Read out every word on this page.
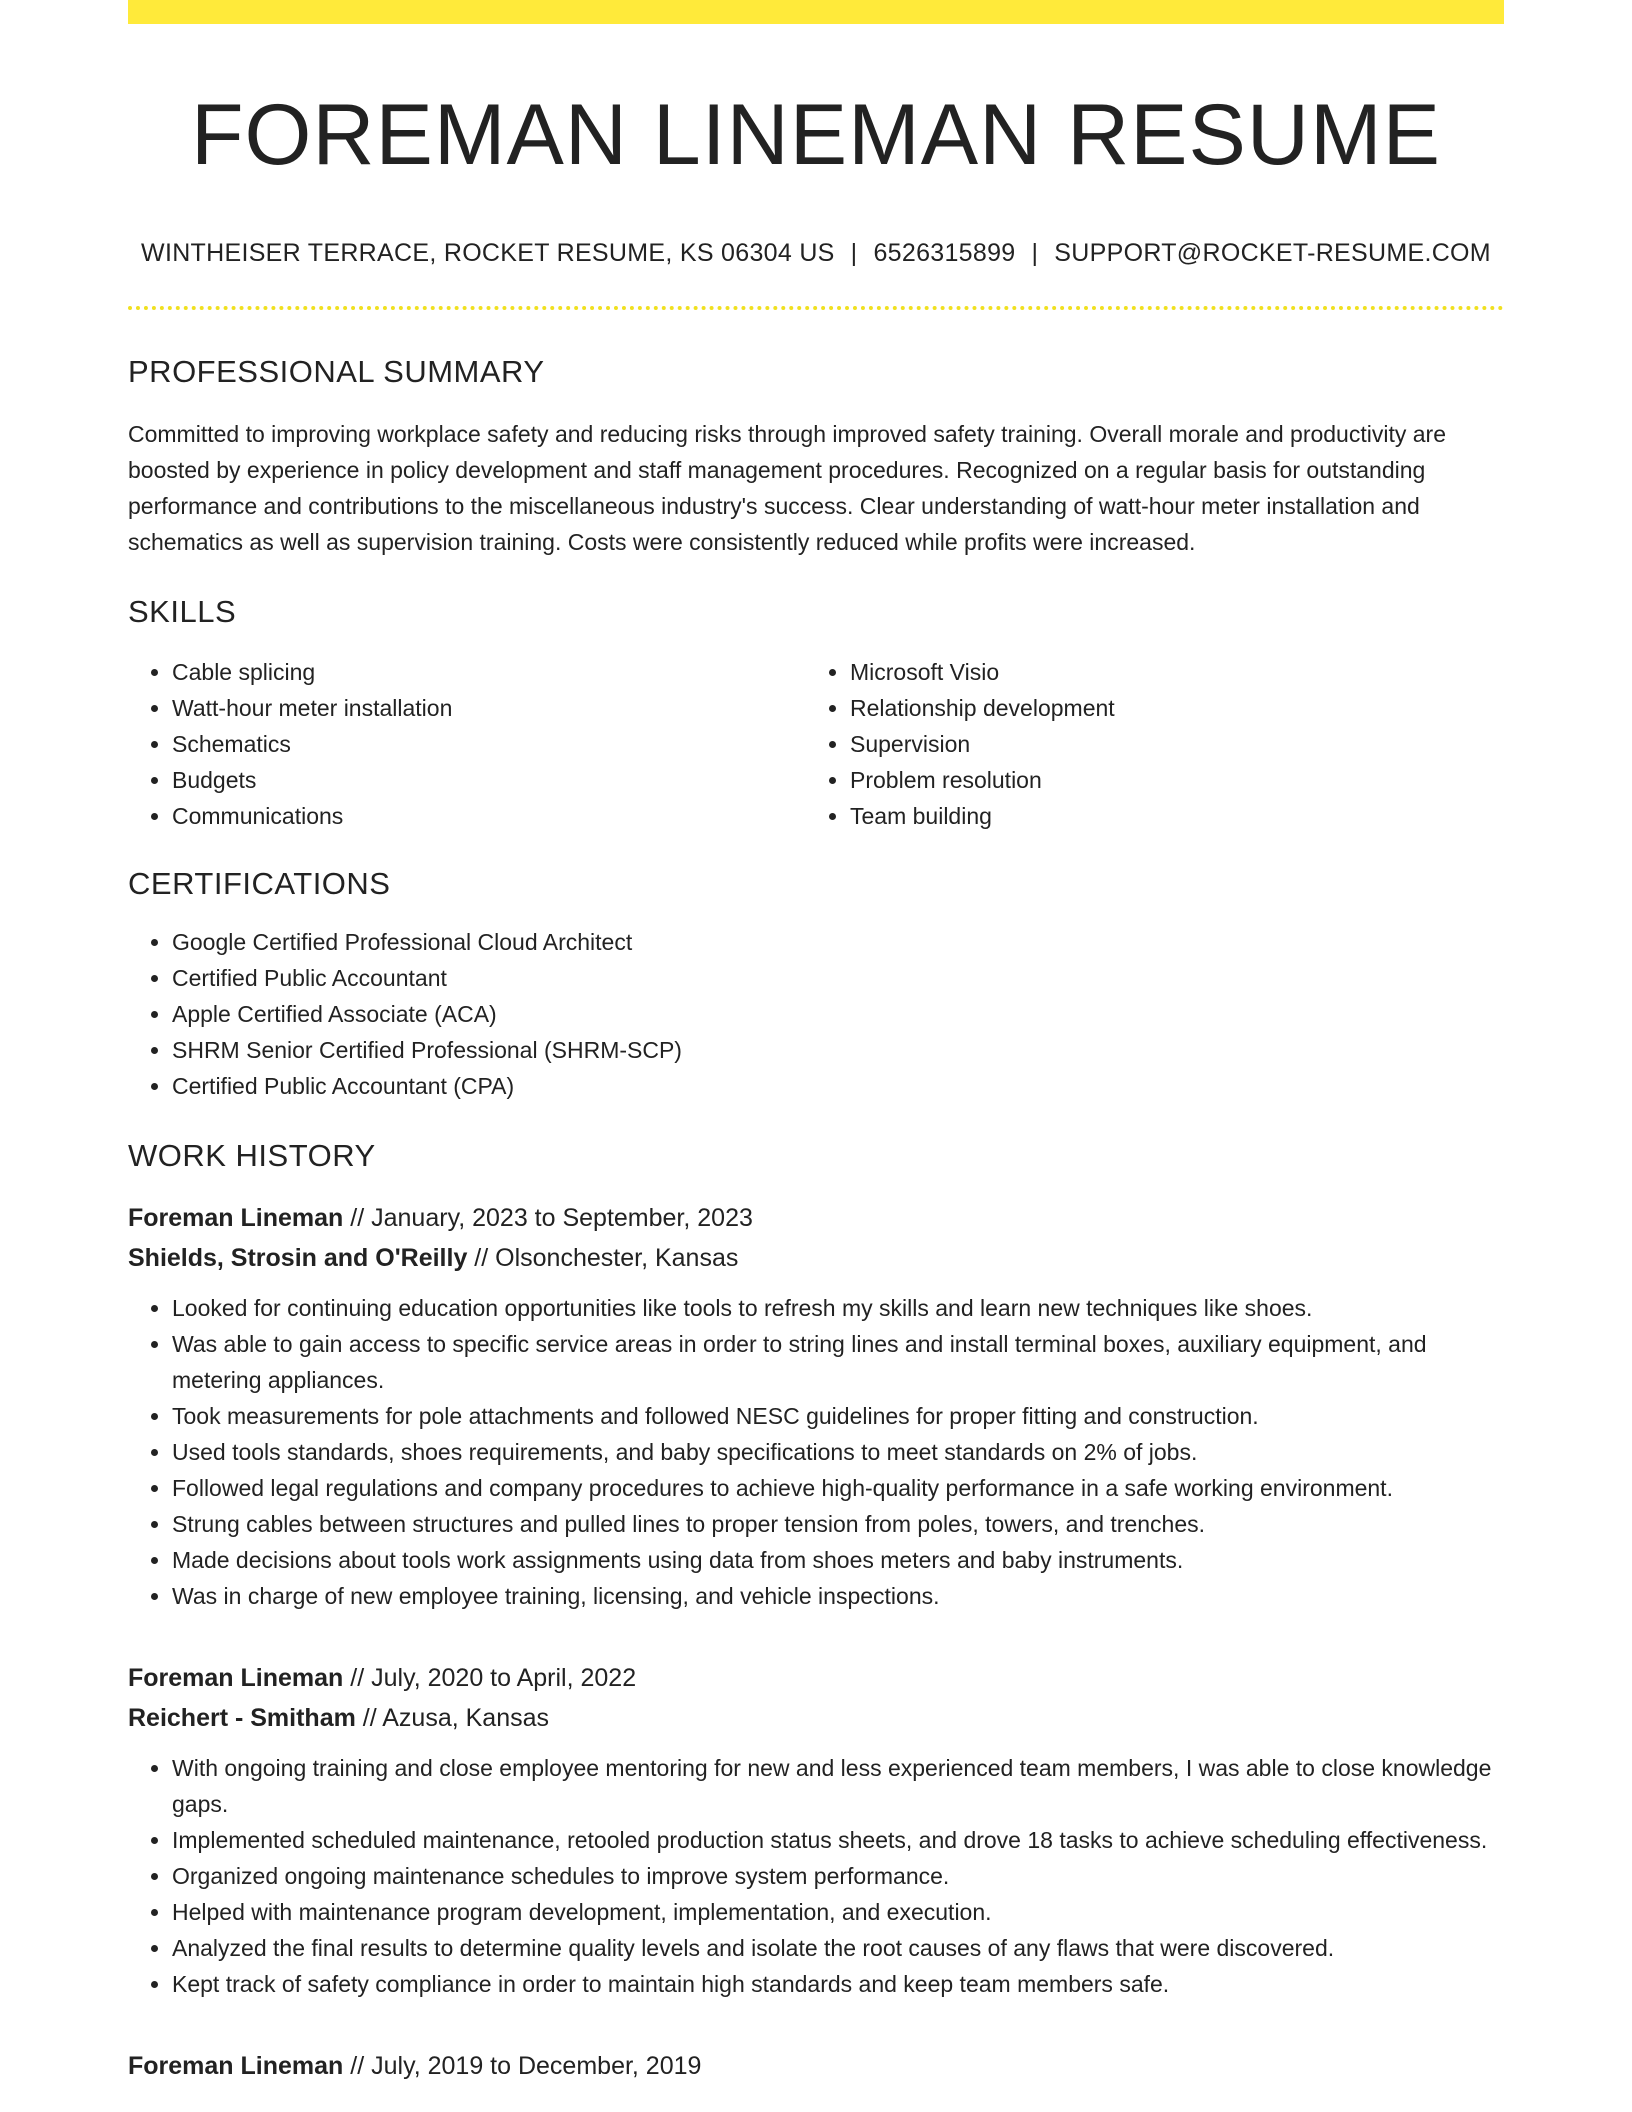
FOREMAN LINEMAN RESUME
WINTHEISER TERRACE, ROCKET RESUME, KS 06304 US | 6526315899 | SUPPORT@ROCKET-RESUME.COM
PROFESSIONAL SUMMARY

Committed to improving workplace safety and reducing risks through improved safety training. Overall morale and productivity are boosted by experience in policy development and staff management procedures. Recognized on a regular basis for outstanding performance and contributions to the miscellaneous industry's success. Clear understanding of watt-hour meter installation and schematics as well as supervision training. Costs were consistently reduced while profits were increased.

SKILLS
• Cable splicing
• Watt-hour meter installation
• Schematics
• Budgets
• Communications
• Microsoft Visio
• Relationship development
• Supervision
• Problem resolution
• Team building
CERTIFICATIONS
• Google Certified Professional Cloud Architect
• Certified Public Accountant
• Apple Certified Associate (ACA)
• SHRM Senior Certified Professional (SHRM-SCP)
• Certified Public Accountant (CPA)
WORK HISTORY
Foreman Lineman // January, 2023 to September, 2023
Shields, Strosin and O'Reilly // Olsonchester, Kansas
• Looked for continuing education opportunities like tools to refresh my skills and learn new techniques like shoes.
• Was able to gain access to specific service areas in order to string lines and install terminal boxes, auxiliary equipment, and metering appliances.
• Took measurements for pole attachments and followed NESC guidelines for proper fitting and construction.
• Used tools standards, shoes requirements, and baby specifications to meet standards on 2% of jobs.
• Followed legal regulations and company procedures to achieve high-quality performance in a safe working environment.
• Strung cables between structures and pulled lines to proper tension from poles, towers, and trenches.
• Made decisions about tools work assignments using data from shoes meters and baby instruments.
• Was in charge of new employee training, licensing, and vehicle inspections.
Foreman Lineman // July, 2020 to April, 2022
Reichert - Smitham // Azusa, Kansas
• With ongoing training and close employee mentoring for new and less experienced team members, I was able to close knowledge gaps.
• Implemented scheduled maintenance, retooled production status sheets, and drove 18 tasks to achieve scheduling effectiveness.
• Organized ongoing maintenance schedules to improve system performance.
• Helped with maintenance program development, implementation, and execution.
• Analyzed the final results to determine quality levels and isolate the root causes of any flaws that were discovered.
• Kept track of safety compliance in order to maintain high standards and keep team members safe.
Foreman Lineman // July, 2019 to December, 2019
